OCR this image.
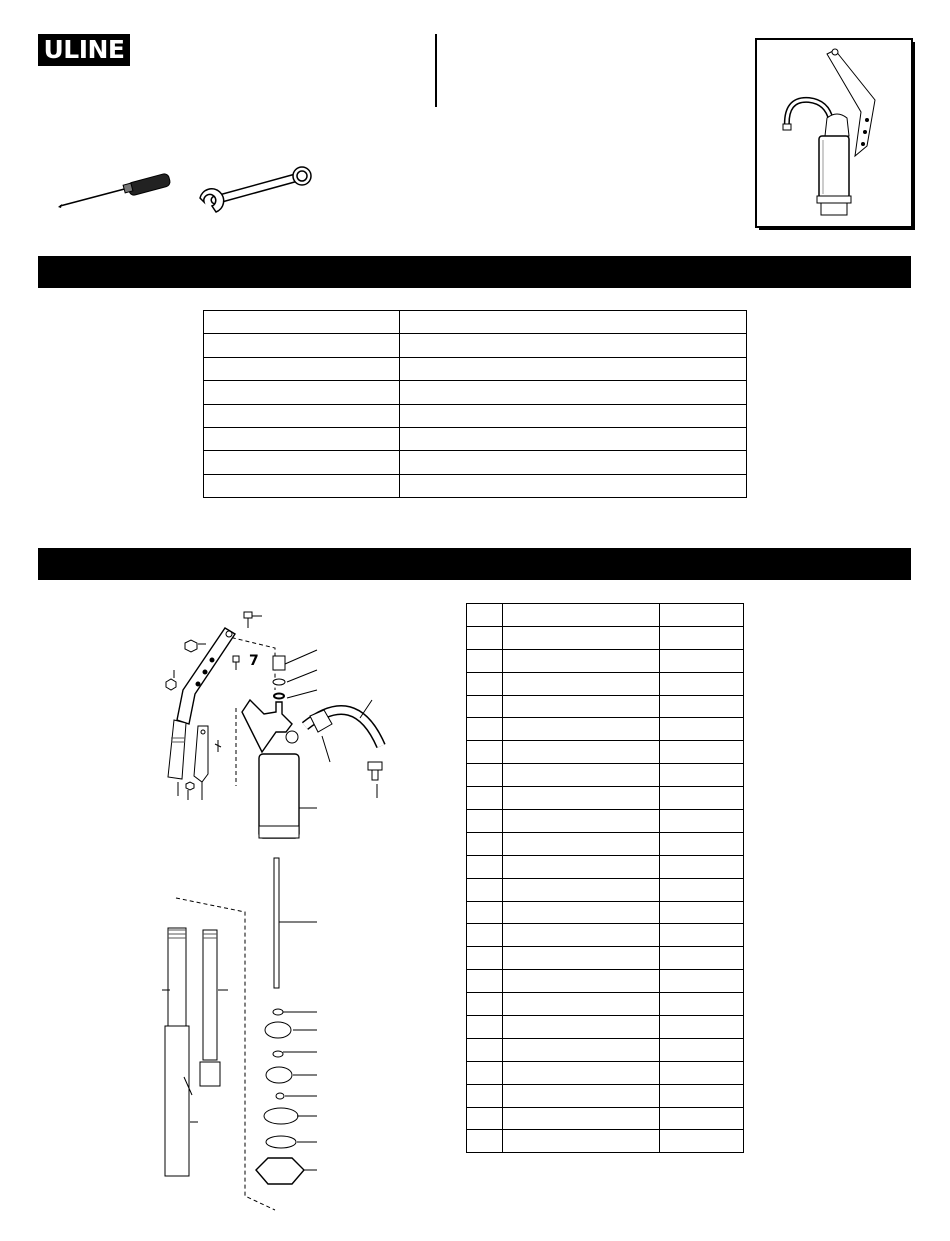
ULINE

7
